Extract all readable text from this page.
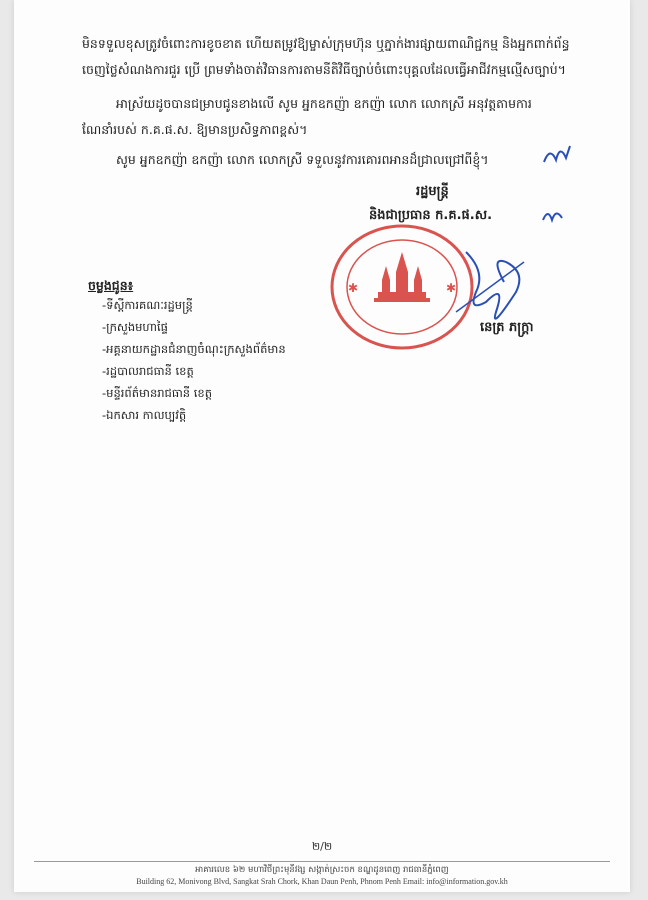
មិនទទួលខុសត្រូវចំពោះការខូចខាត ហើយតម្រូវឱ្យម្ចាស់ក្រុមហ៊ុន ឬភ្នាក់ងារផ្សាយពាណិជ្ជកម្ម និងអ្នកពាក់ព័ន្ធ
ចេញថ្លៃសំណងការជួរ ប្រើ ព្រមទាំងចាត់វិធានការតាមនីតិវិធីច្បាប់ចំពោះបុគ្គលដែលធ្វើអាជីវកម្មល្មើសច្បាប់។
អាស្រ័យដូចបានជម្រាបជូនខាងលើ សូម អ្នកឧកញ៉ា ឧកញ៉ា លោក លោកស្រី អនុវត្តតាមការ
ណែនាំរបស់ ក.គ.ផ.ស. ឱ្យមានប្រសិទ្ធភាពខ្ពស់។
សូម អ្នកឧកញ៉ា ឧកញ៉ា លោក លោកស្រី ទទួលនូវការគោរពអានដ៏ជ្រាលជ្រៅពីខ្ញុំ។
រដ្ឋមន្ត្រី
និងជាប្រធាន ក.គ.ផ.ស.
✱	✱
នេត្រ ភក្ត្រា
ចម្លងជូន៖
-ទីស្តីការគណៈរដ្ឋមន្ត្រី
-ក្រសួងមហាផ្ទៃ
-អគ្គនាយកដ្ឋានជំនាញចំណុះក្រសួងព័ត៌មាន
-រដ្ឋបាលរាជធានី ខេត្ត
-មន្ទីរព័ត៌មានរាជធានី ខេត្ត
-ឯកសារ កាលប្បវត្តិ
២/២
អាគារលេខ ៦២ មហាវិថីព្រះមុនីវង្ស សង្កាត់ស្រះចក ខណ្ឌដូនពេញ រាជធានីភ្នំពេញ
Building 62, Monivong Blvd, Sangkat Srah Chork, Khan Daun Penh, Phnom Penh Email: info@information.gov.kh
